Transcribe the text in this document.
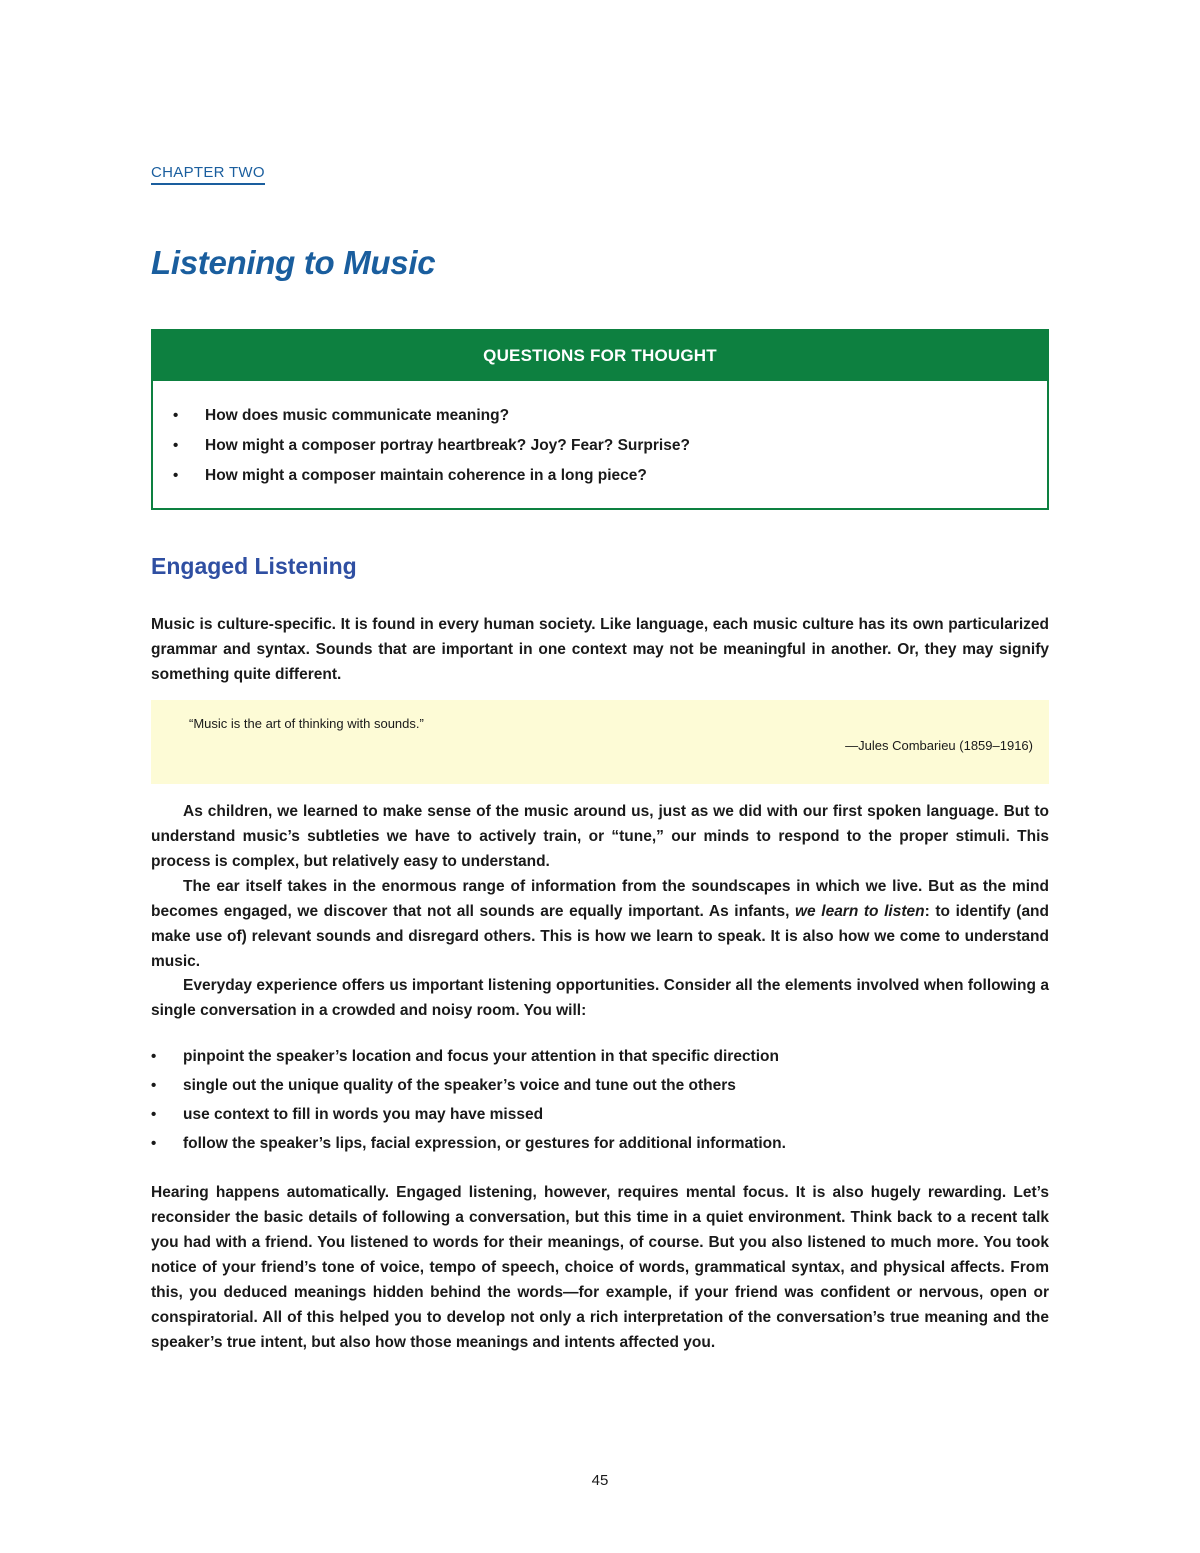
CHAPTER TWO
Listening to Music
QUESTIONS FOR THOUGHT
• How does music communicate meaning?
• How might a composer portray heartbreak? Joy? Fear? Surprise?
• How might a composer maintain coherence in a long piece?
Engaged Listening
Music is culture-specific. It is found in every human society. Like language, each music culture has its own particularized grammar and syntax. Sounds that are important in one context may not be meaningful in another. Or, they may signify something quite different.
“Music is the art of thinking with sounds.”
—Jules Combarieu (1859–1916)
As children, we learned to make sense of the music around us, just as we did with our first spoken language. But to understand music’s subtleties we have to actively train, or “tune,” our minds to respond to the proper stimuli. This process is complex, but relatively easy to understand.
The ear itself takes in the enormous range of information from the soundscapes in which we live. But as the mind becomes engaged, we discover that not all sounds are equally important. As infants, we learn to listen: to identify (and make use of) relevant sounds and disregard others. This is how we learn to speak. It is also how we come to understand music.
Everyday experience offers us important listening opportunities. Consider all the elements involved when following a single conversation in a crowded and noisy room. You will:
• pinpoint the speaker’s location and focus your attention in that specific direction
• single out the unique quality of the speaker’s voice and tune out the others
• use context to fill in words you may have missed
• follow the speaker’s lips, facial expression, or gestures for additional information.
Hearing happens automatically. Engaged listening, however, requires mental focus. It is also hugely rewarding. Let’s reconsider the basic details of following a conversation, but this time in a quiet environment. Think back to a recent talk you had with a friend. You listened to words for their meanings, of course. But you also listened to much more. You took notice of your friend’s tone of voice, tempo of speech, choice of words, grammatical syntax, and physical affects. From this, you deduced meanings hidden behind the words—for example, if your friend was confident or nervous, open or conspiratorial. All of this helped you to develop not only a rich interpretation of the conversation’s true meaning and the speaker’s true intent, but also how those meanings and intents affected you.
45
